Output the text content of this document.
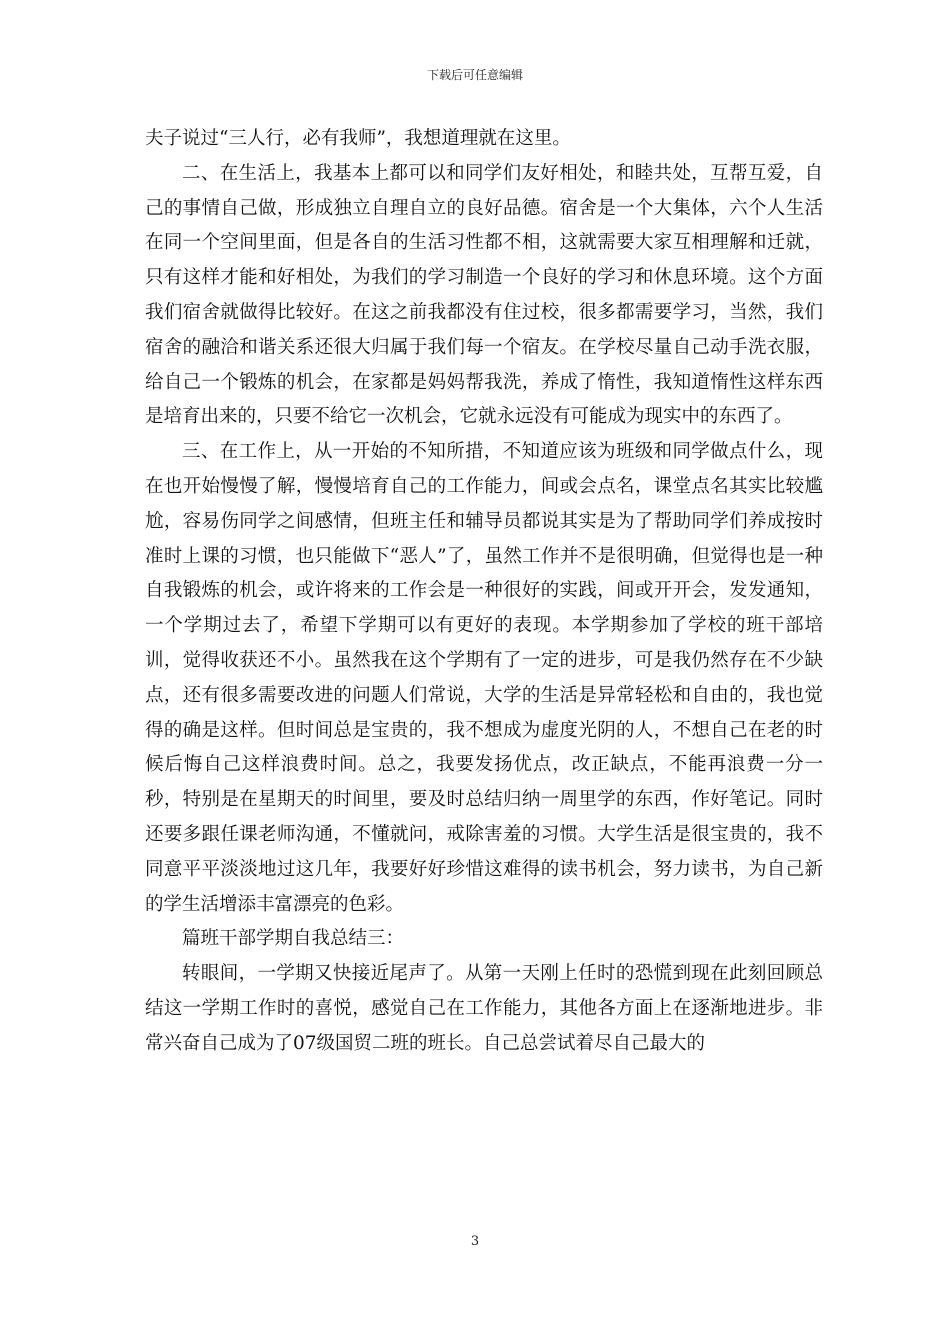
下载后可任意编辑

夫子说过“三人行，必有我师”，我想道理就在这里。

二、在生活上，我基本上都可以和同学们友好相处，和睦共处，互帮互爱，自己的事情自己做，形成独立自理自立的良好品德。宿舍是一个大集体，六个人生活在同一个空间里面，但是各自的生活习性都不相，这就需要大家互相理解和迁就，只有这样才能和好相处，为我们的学习制造一个良好的学习和休息环境。这个方面我们宿舍就做得比较好。在这之前我都没有住过校，很多都需要学习，当然，我们宿舍的融洽和谐关系还很大归属于我们每一个宿友。在学校尽量自己动手洗衣服，给自己一个锻炼的机会，在家都是妈妈帮我洗，养成了惰性，我知道惰性这样东西是培育出来的，只要不给它一次机会，它就永远没有可能成为现实中的东西了。

三、在工作上，从一开始的不知所措，不知道应该为班级和同学做点什么，现在也开始慢慢了解，慢慢培育自己的工作能力，间或会点名，课堂点名其实比较尴尬，容易伤同学之间感情，但班主任和辅导员都说其实是为了帮助同学们养成按时准时上课的习惯，也只能做下“恶人”了，虽然工作并不是很明确，但觉得也是一种自我锻炼的机会，或许将来的工作会是一种很好的实践，间或开开会，发发通知，一个学期过去了，希望下学期可以有更好的表现。本学期参加了学校的班干部培训，觉得收获还不小。虽然我在这个学期有了一定的进步，可是我仍然存在不少缺点，还有很多需要改进的问题人们常说，大学的生活是异常轻松和自由的，我也觉得的确是这样。但时间总是宝贵的，我不想成为虚度光阴的人，不想自己在老的时候后悔自己这样浪费时间。总之，我要发扬优点，改正缺点，不能再浪费一分一秒，特别是在星期天的时间里，要及时总结归纳一周里学的东西，作好笔记。同时还要多跟任课老师沟通，不懂就问，戒除害羞的习惯。大学生活是很宝贵的，我不同意平平淡淡地过这几年，我要好好珍惜这难得的读书机会，努力读书，为自己新的学生活增添丰富漂亮的色彩。

篇班干部学期自我总结三：

转眼间，一学期又快接近尾声了。从第一天刚上任时的恐慌到现在此刻回顾总结这一学期工作时的喜悦，感觉自己在工作能力，其他各方面上在逐渐地进步。非常兴奋自己成为了07级国贸二班的班长。自己总尝试着尽自己最大的

3
